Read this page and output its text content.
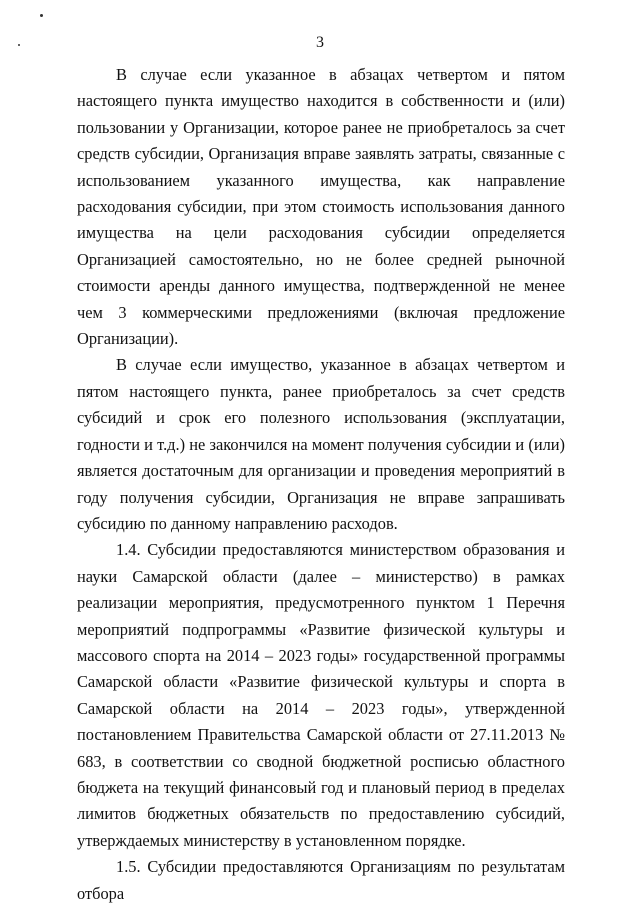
3

В случае если указанное в абзацах четвертом и пятом настоящего пункта имущество находится в собственности и (или) пользовании у Организации, которое ранее не приобреталось за счет средств субсидии, Организация вправе заявлять затраты, связанные с использованием указанного имущества, как направление расходования субсидии, при этом стоимость использования данного имущества на цели расходования субсидии определяется Организацией самостоятельно, но не более средней рыночной стоимости аренды данного имущества, подтвержденной не менее чем 3 коммерческими предложениями (включая предложение Организации).

В случае если имущество, указанное в абзацах четвертом и пятом настоящего пункта, ранее приобреталось за счет средств субсидий и срок его полезного использования (эксплуатации, годности и т.д.) не закончился на момент получения субсидии и (или) является достаточным для организации и проведения мероприятий в году получения субсидии, Организация не вправе запрашивать субсидию по данному направлению расходов.

1.4. Субсидии предоставляются министерством образования и науки Самарской области (далее – министерство) в рамках реализации мероприятия, предусмотренного пунктом 1 Перечня мероприятий подпрограммы «Развитие физической культуры и массового спорта на 2014 – 2023 годы» государственной программы Самарской области «Развитие физической культуры и спорта в Самарской области на 2014 – 2023 годы», утвержденной постановлением Правительства Самарской области от 27.11.2013 № 683, в соответствии со сводной бюджетной росписью областного бюджета на текущий финансовый год и плановый период в пределах лимитов бюджетных обязательств по предоставлению субсидий, утверждаемых министерству в установленном порядке.

1.5. Субсидии предоставляются Организациям по результатам отбора
